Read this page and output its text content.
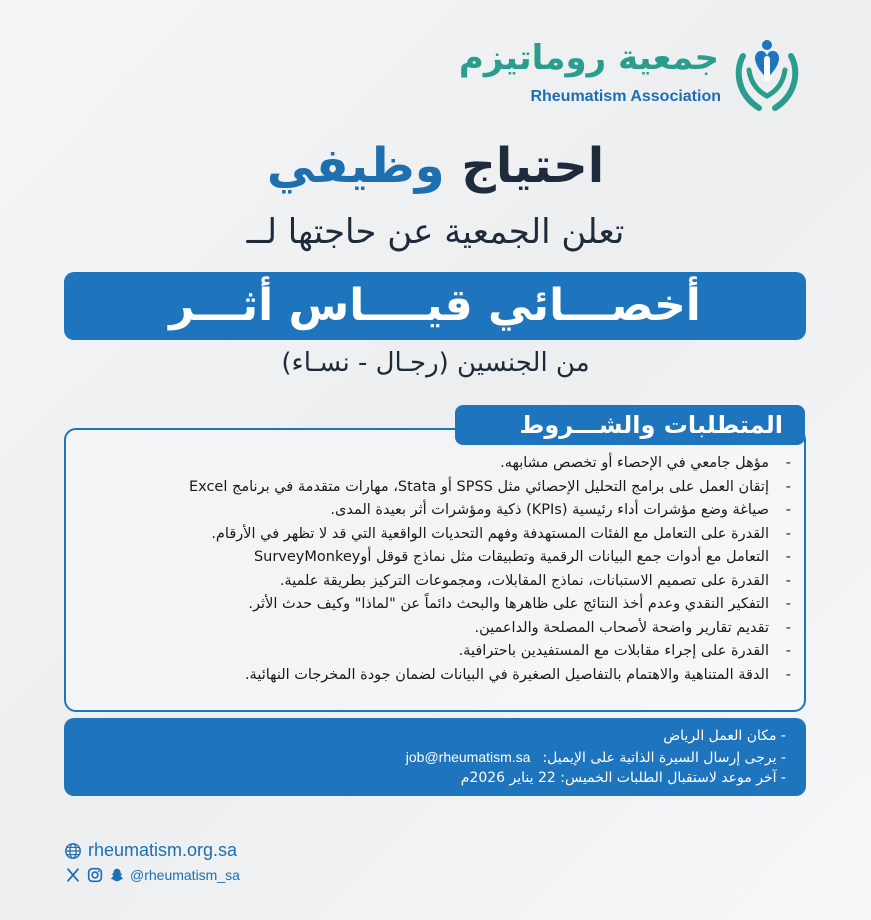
جمعية روماتيزم
Rheumatism Association
احتياج وظيفي
تعلن الجمعية عن حاجتها لــ
أخصـــائي قيــــاس أثـــر
من الجنسين (رجـال - نسـاء)
المتطلبات والشـــروط
-مؤهل جامعي في الإحصاء أو تخصص مشابهه.
-إتقان العمل على برامج التحليل الإحصائي مثل SPSS أو Stata، مهارات متقدمة في برنامج Excel
-صياغة وضع مؤشرات أداء رئيسية (KPIs) ذكية ومؤشرات أثر بعيدة المدى.
-القدرة على التعامل مع الفئات المستهدفة وفهم التحديات الواقعية التي قد لا تظهر في الأرقام.
-التعامل مع أدوات جمع البيانات الرقمية وتطبيقات مثل نماذج قوقل أوSurveyMonkey
-القدرة على تصميم الاستبانات، نماذج المقابلات، ومجموعات التركيز بطريقة علمية.
-التفكير النقدي وعدم أخذ النتائج على ظاهرها والبحث دائماً عن "لماذا" وكيف حدث الأثر.
-تقديم تقارير واضحة لأصحاب المصلحة والداعمين.
-القدرة على إجراء مقابلات مع المستفيدين باحترافية.
-الدقة المتناهية والاهتمام بالتفاصيل الصغيرة في البيانات لضمان جودة المخرجات النهائية.
- مكان العمل الرياض
- يرجى إرسال السيرة الذاتية على الإيميل:job@rheumatism.sa
- آخر موعد لاستقبال الطلبات الخميس: 22 يناير 2026م
rheumatism.org.sa
@rheumatism_sa
